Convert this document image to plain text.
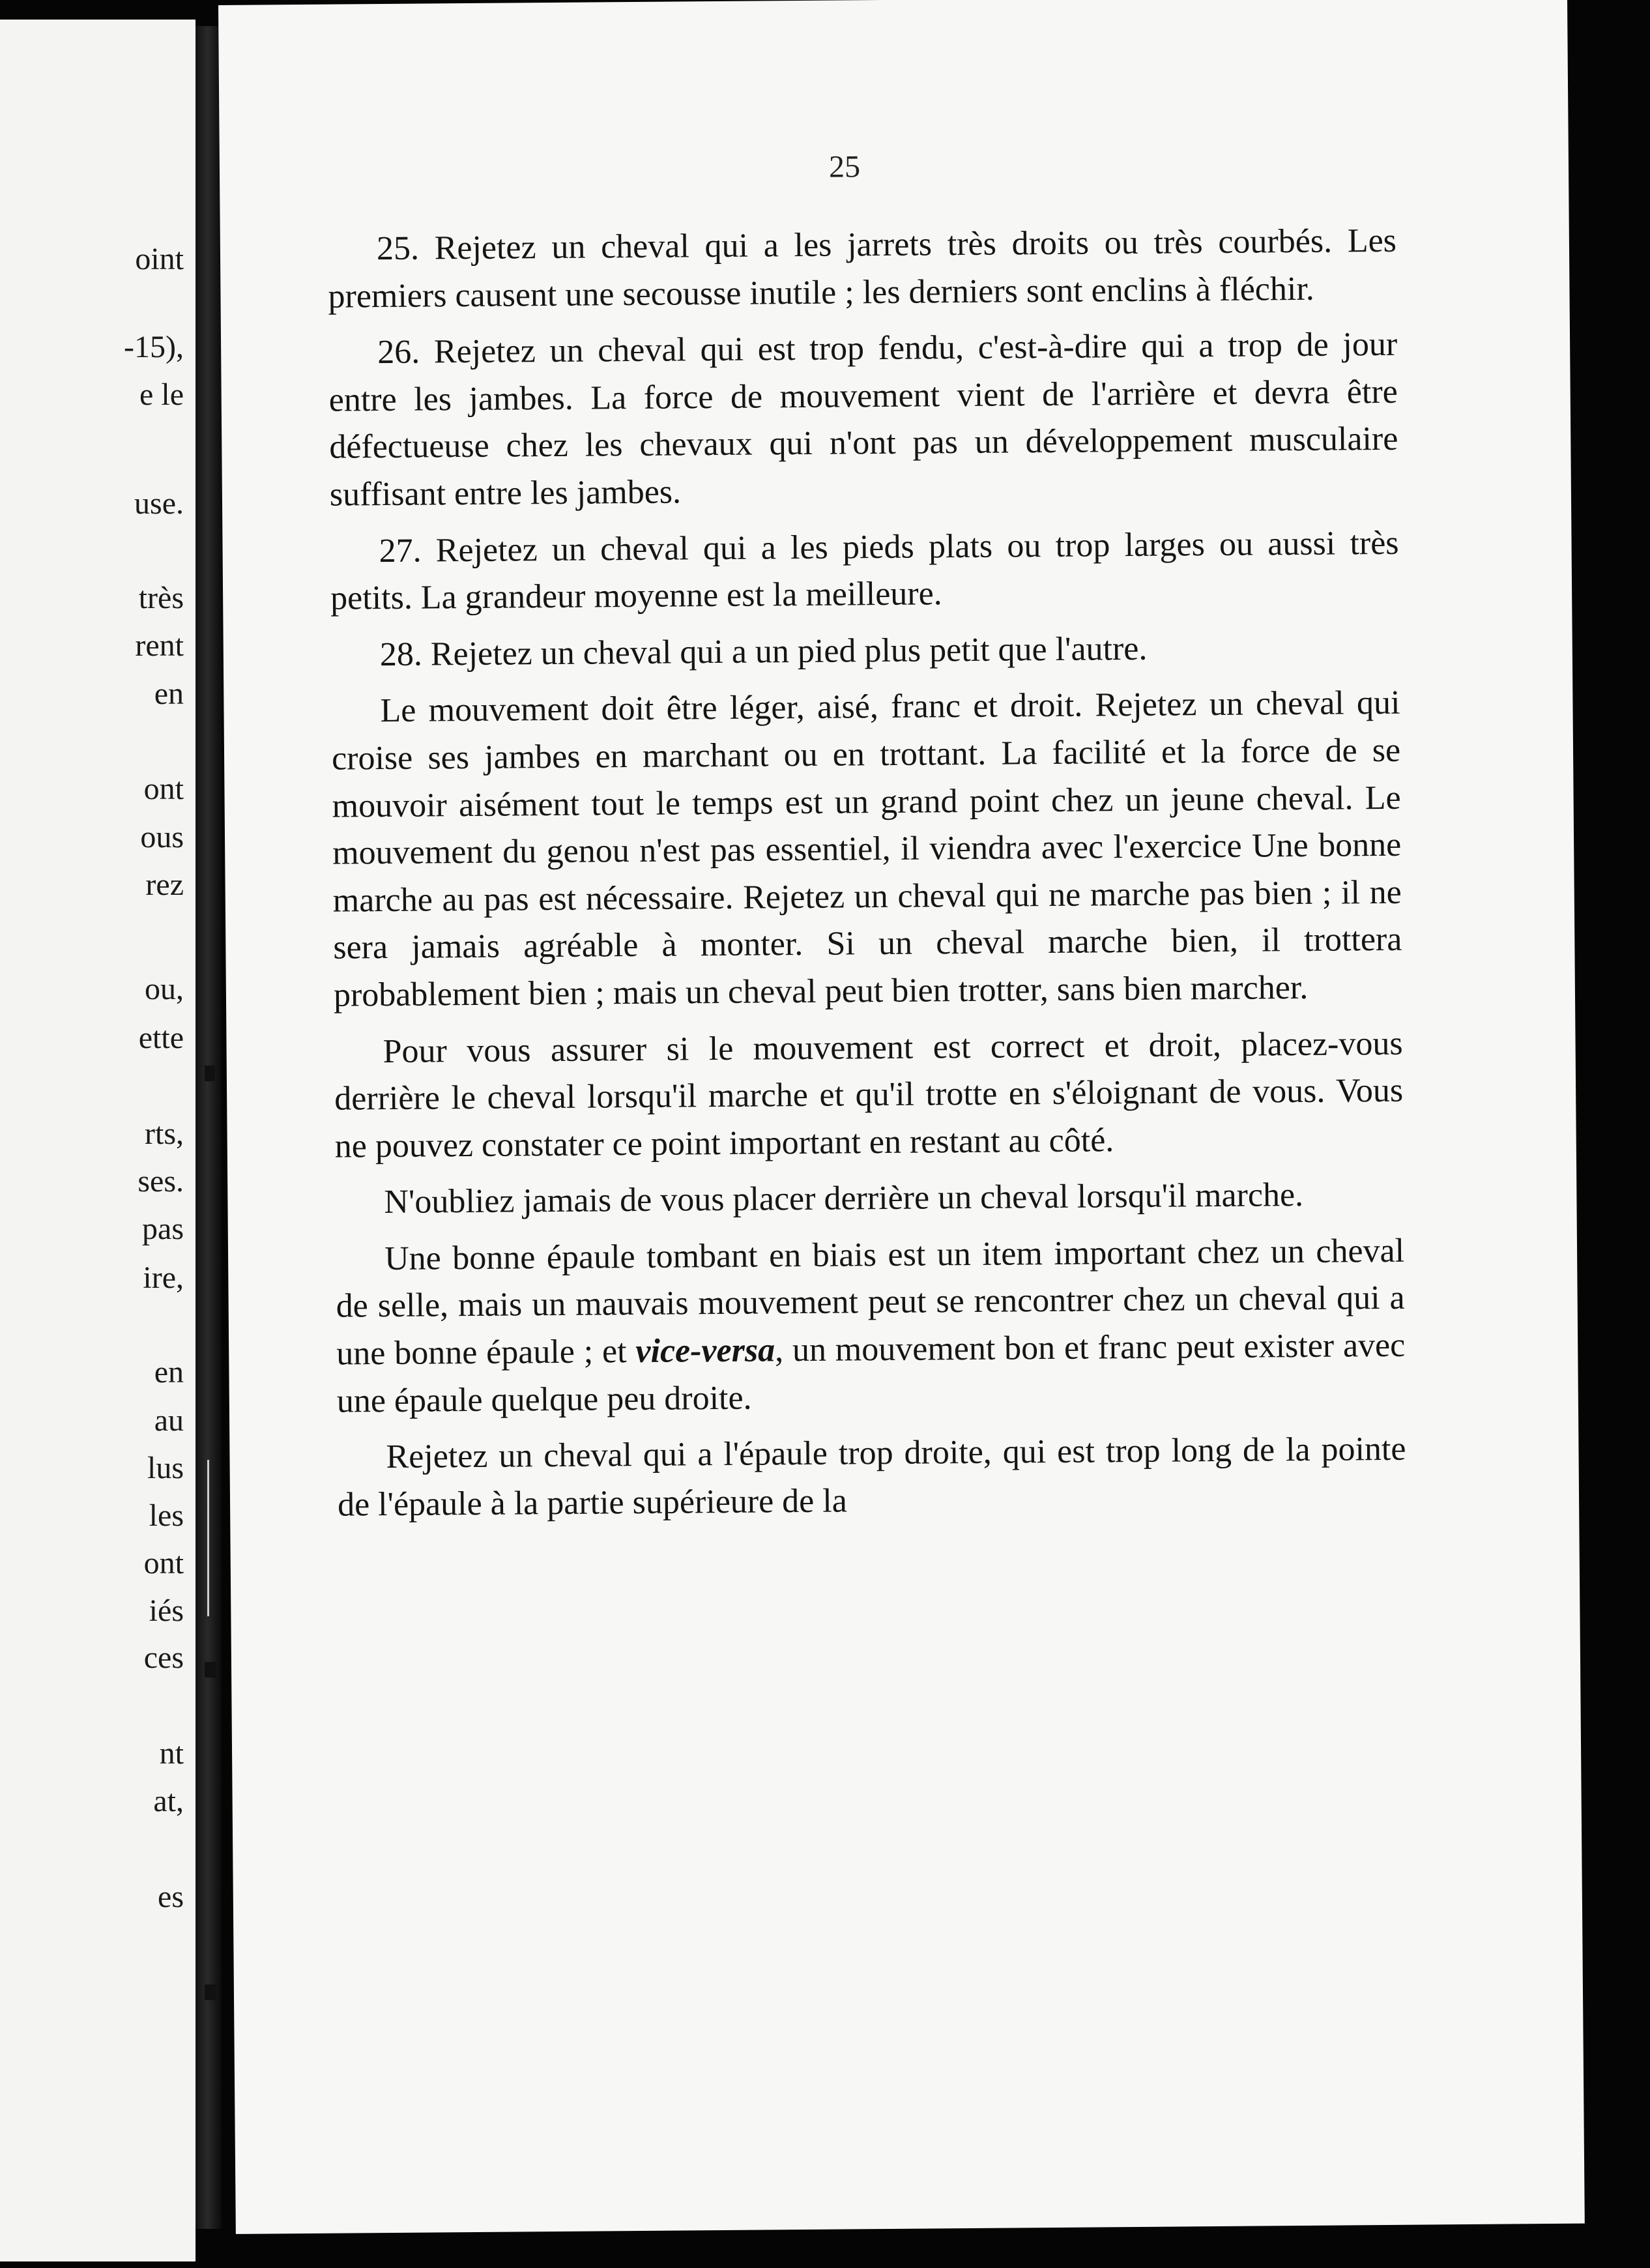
oint
-15),
e le
use.
très
rent
en
ont
ous
rez
ou,
ette
rts,
ses.
pas
ire,
en
au
lus
les
ont
iés
ces
nt
at,
es
25

25. Rejetez un cheval qui a les jarrets très droits ou très courbés. Les premiers causent une secousse inutile ; les derniers sont enclins à fléchir.

26. Rejetez un cheval qui est trop fendu, c'est-à-dire qui a trop de jour entre les jambes. La force de mouvement vient de l'arrière et devra être défectueuse chez les chevaux qui n'ont pas un développement musculaire suffisant entre les jambes.

27. Rejetez un cheval qui a les pieds plats ou trop larges ou aussi très petits. La grandeur moyenne est la meilleure.

28. Rejetez un cheval qui a un pied plus petit que l'autre.

Le mouvement doit être léger, aisé, franc et droit. Rejetez un cheval qui croise ses jambes en marchant ou en trottant. La facilité et la force de se mouvoir aisément tout le temps est un grand point chez un jeune cheval. Le mouvement du genou n'est pas essentiel, il viendra avec l'exercice Une bonne marche au pas est nécessaire. Rejetez un cheval qui ne marche pas bien ; il ne sera jamais agréable à monter. Si un cheval marche bien, il trottera probablement bien ; mais un cheval peut bien trotter, sans bien marcher.

Pour vous assurer si le mouvement est correct et droit, placez-vous derrière le cheval lorsqu'il marche et qu'il trotte en s'éloignant de vous. Vous ne pouvez constater ce point important en restant au côté.

N'oubliez jamais de vous placer derrière un cheval lorsqu'il marche.

Une bonne épaule tombant en biais est un item important chez un cheval de selle, mais un mauvais mouvement peut se rencontrer chez un cheval qui a une bonne épaule ; et vice-versa, un mouvement bon et franc peut exister avec une épaule quelque peu droite.

Rejetez un cheval qui a l'épaule trop droite, qui est trop long de la pointe de l'épaule à la partie supérieure de la
